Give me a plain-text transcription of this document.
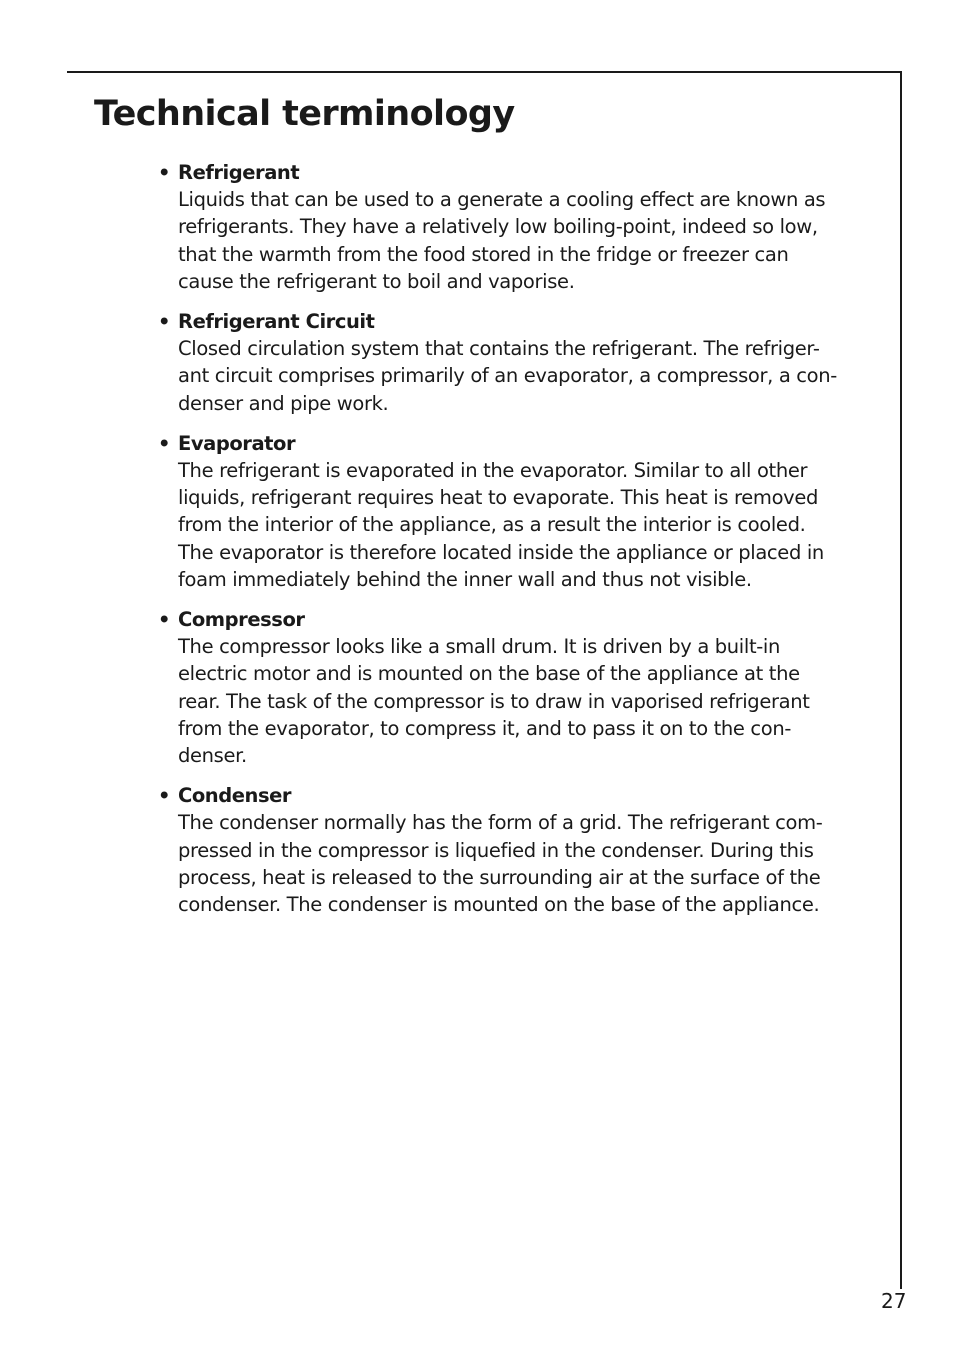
Technical terminology
• Refrigerant
Liquids that can be used to a generate a cooling effect are known as
refrigerants. They have a relatively low boiling-point, indeed so low,
that the warmth from the food stored in the fridge or freezer can
cause the refrigerant to boil and vaporise.
• Refrigerant Circuit
Closed circulation system that contains the refrigerant. The refriger-
ant circuit comprises primarily of an evaporator, a compressor, a con-
denser and pipe work.
• Evaporator
The refrigerant is evaporated in the evaporator. Similar to all other
liquids, refrigerant requires heat to evaporate. This heat is removed
from the interior of the appliance, as a result the interior is cooled.
The evaporator is therefore located inside the appliance or placed in
foam immediately behind the inner wall and thus not visible.
• Compressor
The compressor looks like a small drum. It is driven by a built-in
electric motor and is mounted on the base of the appliance at the
rear. The task of the compressor is to draw in vaporised refrigerant
from the evaporator, to compress it, and to pass it on to the con-
denser.
• Condenser
The condenser normally has the form of a grid. The refrigerant com-
pressed in the compressor is liquefied in the condenser. During this
process, heat is released to the surrounding air at the surface of the
condenser. The condenser is mounted on the base of the appliance.
27
